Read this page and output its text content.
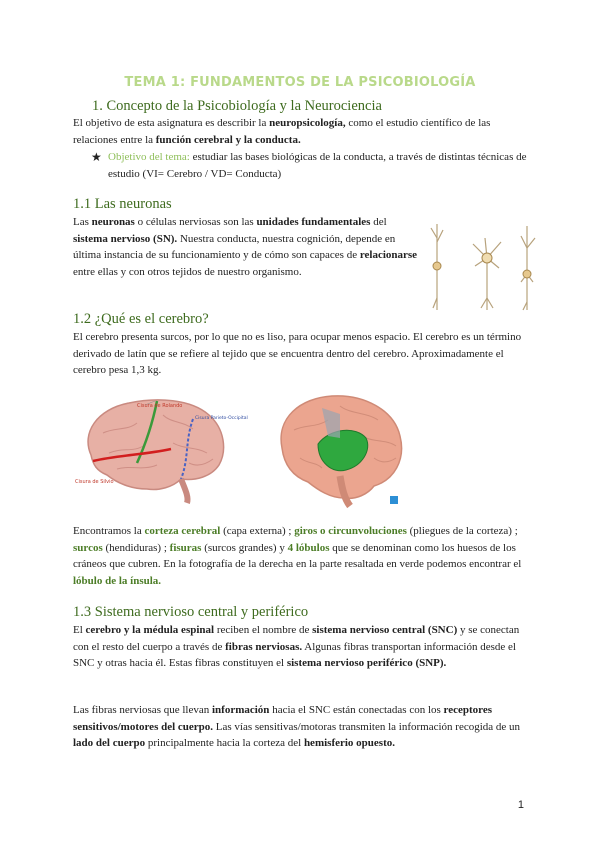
TEMA 1: FUNDAMENTOS DE LA PSICOBIOLOGÍA
1. Concepto de la Psicobiología y la Neurociencia
El objetivo de esta asignatura es describir la neuropsicología, como el estudio científico de las relaciones entre la función cerebral y la conducta.
★ Objetivo del tema: estudiar las bases biológicas de la conducta, a través de distintas técnicas de estudio (VI= Cerebro / VD= Conducta)
1.1 Las neuronas
Las neuronas o células nerviosas son las unidades fundamentales del sistema nervioso (SN). Nuestra conducta, nuestra cognición, depende en última instancia de su funcionamiento y de cómo son capaces de relacionarse entre ellas y con otros tejidos de nuestro organismo.
1.2 ¿Qué es el cerebro?
El cerebro presenta surcos, por lo que no es liso, para ocupar menos espacio. El cerebro es un término derivado de latín que se refiere al tejido que se encuentra dentro del cerebro. Aproximadamente el cerebro pesa 1,3 kg.
Cisura de Rolando
Cisura Parieto-Occipital
Cisura de Silvio
Encontramos la corteza cerebral (capa externa) ; giros o circunvoluciones (pliegues de la corteza) ; surcos (hendiduras) ; fisuras (surcos grandes) y 4 lóbulos que se denominan como los huesos de los cráneos que cubren. En la fotografía de la derecha en la parte resaltada en verde podemos encontrar el lóbulo de la ínsula.
1.3 Sistema nervioso central y periférico
El cerebro y la médula espinal reciben el nombre de sistema nervioso central (SNC) y se conectan con el resto del cuerpo a través de fibras nerviosas. Algunas fibras transportan información desde el SNC y otras hacia él. Estas fibras constituyen el sistema nervioso periférico (SNP).
Las fibras nerviosas que llevan información hacia el SNC están conectadas con los receptores sensitivos/motores del cuerpo. Las vías sensitivas/motoras transmiten la información recogida de un lado del cuerpo principalmente hacia la corteza del hemisferio opuesto.
1
